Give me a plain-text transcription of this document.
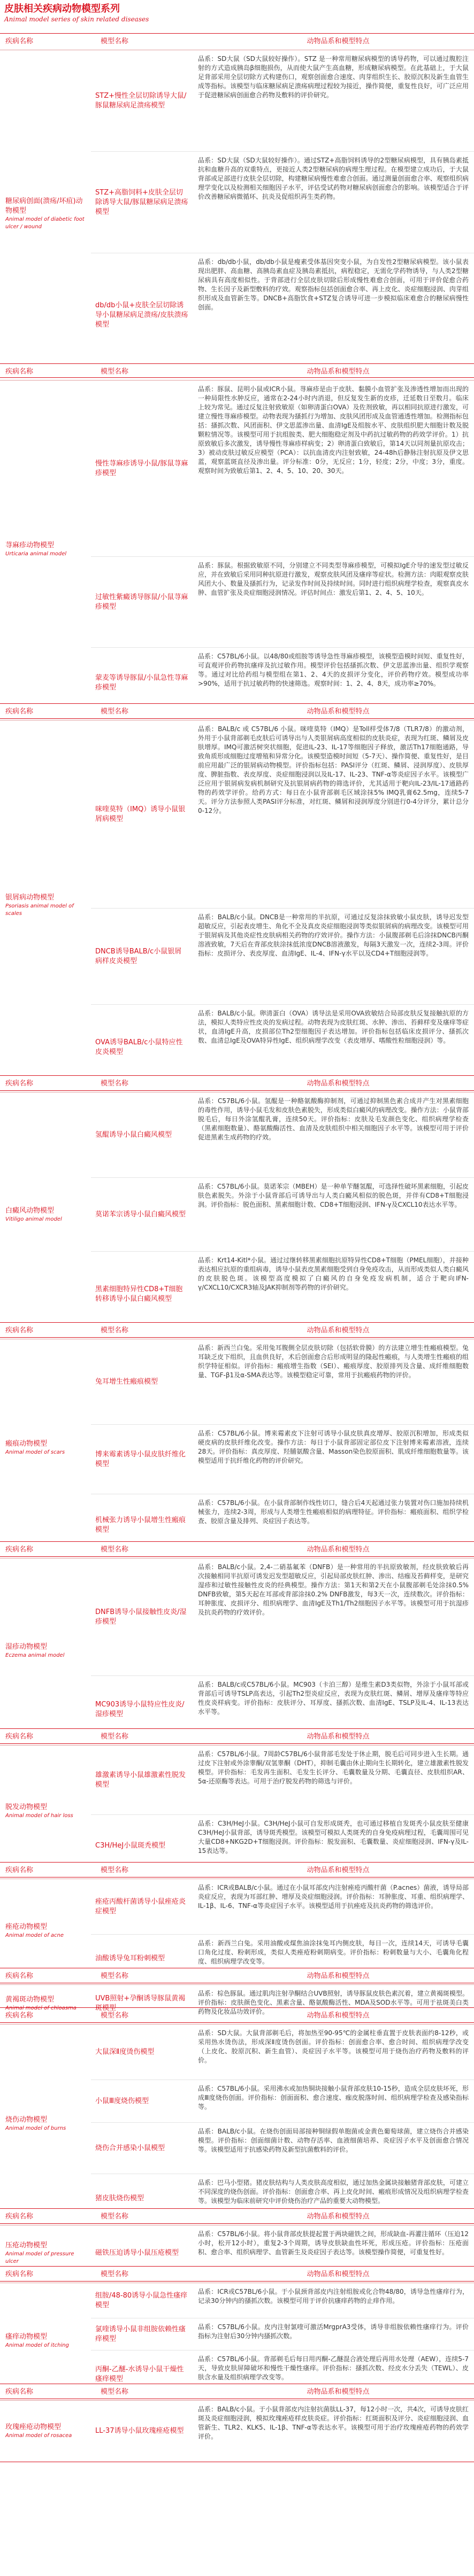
皮肤相关疾病动物模型系列
Animal model series of skin related diseases
疾病名称	模型名称	动物品系和模型特点
糖尿病创面(溃疡/坏疽)动物模型
Animal model of diabetic foot ulcer / wound
STZ+慢性全层切除诱导大鼠/豚鼠糖尿病足溃疡模型
品系：SD大鼠（SD大鼠较好操作）。STZ 是一种常用糖尿病模型的诱导药物，可以通过腹腔注射的方式造成胰岛β细胞损伤，从而使大鼠产生高血糖，形成糖尿病模型。在此基础上，于大鼠足背部采用全层切除方式构建伤口，观察创面愈合速度、肉芽组织生长、胶原沉积及新生血管生成等指标。该模型与临床糖尿病足溃疡病理过程较为接近，操作简便，重复性良好，可广泛应用于促进糖尿病创面愈合药物及敷料的评价研究。
STZ+高脂饲料+皮肤全层切除诱导大鼠/豚鼠糖尿病足溃疡模型
品系：SD大鼠（SD大鼠较好操作）。通过STZ+高脂饲料诱导的2型糖尿病模型，具有胰岛素抵抗和血糖升高的双重特点，更接近人类2型糖尿病的病理生理过程。在模型建立成功后，于大鼠背部或足部进行皮肤全层切除，构建糖尿病慢性难愈合创面。通过测量创面愈合率、观察组织病理学变化以及检测相关细胞因子水平，评估受试药物对糖尿病创面愈合的影响。该模型适合于评价改善糖尿病微循环、抗炎及促组织再生类药物。
db/db小鼠+皮肤全层切除诱导小鼠糖尿病足溃疡/皮肤溃疡模型
品系：db/db小鼠，db/db小鼠是瘦素受体基因突变小鼠，为自发性2型糖尿病模型。该小鼠表现出肥胖、高血糖、高胰岛素血症及胰岛素抵抗，病程稳定，无需化学药物诱导，与人类2型糖尿病具有高度相似性。于背部进行全层皮肤切除后形成慢性难愈合创面，可用于评价促愈合药物、生长因子及新型敷料的疗效。观察指标包括创面愈合率、再上皮化、炎症细胞浸润、肉芽组织形成及血管新生等。DNCB+高脂饮食+STZ复合诱导可进一步模拟临床难愈合的糖尿病慢性创面。
疾病名称	模型名称	动物品系和模型特点
荨麻疹动物模型
Urticaria animal model
慢性荨麻疹诱导小鼠/豚鼠荨麻疹模型
品系：豚鼠、昆明小鼠或ICR小鼠。荨麻疹是由于皮肤、黏膜小血管扩张及渗透性增加而出现的一种局限性水肿反应，通常在2-24小时内消退，但反复发生新的皮疹，迁延数日至数月。临床上较为常见。通过反复注射致敏原（如卵清蛋白OVA）及佐剂致敏，再以相同抗原进行激发，可建立慢性荨麻疹模型。动物表现为搔抓行为增加、皮肤风团形成及血管通透性增加。检测指标包括：搔抓次数、风团面积、伊文思蓝渗出量、血清IgE及组胺水平、皮肤组织肥大细胞计数及脱颗粒情况等。该模型可用于抗组胺类、肥大细胞稳定剂及中药抗过敏药物的药效学评价。1）抗原致敏后多次激发，诱导慢性荨麻疹样病变；2）卵清蛋白致敏后，第14天以同剂量抗原攻击；3）被动皮肤过敏反应模型（PCA）：以抗血清皮内注射致敏，24-48h后静脉注射抗原及伊文思蓝，观察蓝斑直径及渗出量。评分标准：0分，无反应；1分，轻度；2分，中度；3分，重度。观察时间为致敏后第1、2、4、5、10、20、30天。
过敏性紫癜诱导豚鼠/小鼠荨麻疹模型
品系：豚鼠。根据致敏原不同，分别建立不同类型荨麻疹模型，可模拟IgE介导的速发型过敏反应，并在致敏后采用同种抗原进行激发，观察皮肤风团及瘙痒等症状。检测方法：肉眼观察皮肤风团大小、数量及搔抓行为，记录发作时间及持续时间。同时进行组织病理学检查，观察真皮水肿、血管扩张及炎症细胞浸润情况。评估时间点：激发后第1、2、4、5、10天。
蒙麦等诱导豚鼠/小鼠急性荨麻疹模型
品系：C57BL/6小鼠。以48/80或组胺等诱导急性荨麻疹模型，该模型造模时间短、重复性好，可直观评价药物抗瘙痒及抗过敏作用。模型评价包括搔抓次数、伊文思蓝渗出量、组织学观察等。通过对比给药组与模型组在第1、2、4天的皮损评分变化，评价药物疗效。模型成功率>90%，适用于抗过敏药物的快速筛选。观察时间：1、2、4、8天，成功率≥70%。
疾病名称	模型名称	动物品系和模型特点
银屑病动物模型
Psoriasis animal model of scales
咪喹莫特（IMQ）诱导小鼠银屑病模型
品系：BALB/c 或 C57BL/6 小鼠。咪喹莫特（IMQ）是Toll样受体7/8（TLR7/8）的激动剂，外用于小鼠背部剃毛皮肤后可诱导出与人类银屑病高度相似的皮肤炎症，表现为红斑、鳞屑及皮肤增厚。IMQ可激活树突状细胞，促进IL-23、IL-17等细胞因子释放，激活Th17细胞通路，导致角质形成细胞过度增殖和异常分化。该模型造模时间短（5-7天）、操作简便、重复性好，是目前应用最广泛的银屑病动物模型。评价指标包括：PASI评分（红斑、鳞屑、浸润厚度）、皮肤厚度、脾脏指数、表皮厚度、炎症细胞浸润以及IL-17、IL-23、TNF-α等炎症因子水平。该模型广泛应用于银屑病发病机制研究及抗银屑病药物的筛选评价，尤其适用于靶向IL-23/IL-17通路药物的药效学评价。给药方式：每日在小鼠背部剃毛区域涂抹5% IMQ乳膏62.5mg，连续5-7天。评分方法参照人类PASI评分标准，对红斑、鳞屑和浸润厚度分别进行0-4分评分，累计总分0-12分。
DNCB诱导BALB/c小鼠银屑病样皮炎模型
品系：BALB/c小鼠。DNCB是一种常用的半抗原，可通过反复涂抹致敏小鼠皮肤，诱导迟发型超敏反应，引起表皮增生、角化不全及真皮炎症细胞浸润等类似银屑病的病理改变。该模型可用于银屑病及其他炎症性皮肤病相关药物的疗效评价。操作方法：小鼠腹部剃毛后涂抹DNCB丙酮溶液致敏，7天后在背部皮肤涂抹低浓度DNCB溶液激发，每隔3天激发一次，连续2-3周。评价指标：皮损评分、表皮厚度、血清IgE、IL-4、IFN-γ水平以及CD4+T细胞浸润等。
OVA诱导BALB/c小鼠特应性皮炎模型
品系：BALB/c小鼠。卵清蛋白（OVA）诱导法是采用OVA致敏结合局部皮肤反复接触抗原的方法，模拟人类特应性皮炎的发病过程。动物表现为皮肤红斑、水肿、渗出、苔藓样变及瘙痒等症状，血清IgE升高，皮损部位Th2型细胞因子表达增加。评价指标包括临床皮损评分、搔抓次数、血清总IgE及OVA特异性IgE、组织病理学改变（表皮增厚、嗜酸性粒细胞浸润）等。
疾病名称	模型名称	动物品系和模型特点
白癜风动物模型
Vitiligo animal model
氢醌诱导小鼠白癜风模型
品系：C57BL/6小鼠。氢醌是一种酪氨酸酶抑制剂，可通过抑制黑色素合成并产生对黑素细胞的毒性作用，诱导小鼠毛发和皮肤色素脱失，形成类似白癜风的病理改变。操作方法：小鼠背部脱毛后，每日外涂氢醌乳膏，连续50天。评价指标：皮肤及毛发颜色变化、组织病理学检查（黑素细胞数量）、酪氨酸酶活性、血清及皮肤组织中相关细胞因子水平等。该模型可用于评价促进黑素生成药物的疗效。
莫诺苯宗诱导小鼠白癜风模型
品系：C57BL/6小鼠。莫诺苯宗（MBEH）是一种单苄醚氢醌，可选择性破坏黑素细胞，引起皮肤色素脱失。外涂于小鼠背部后可诱导出与人类白癜风相似的脱色斑，并伴有CD8+T细胞浸润。评价指标：脱色面积、黑素细胞计数、CD8+T细胞浸润、IFN-γ及CXCL10表达水平等。
黑素细胞特异性CD8+T细胞转移诱导小鼠白癜风模型
品系：Krt14-Kitl*小鼠。通过过继转移黑素细胞抗原特异性CD8+T细胞（PMEL细胞），并接种表达相应抗原的重组病毒，诱导小鼠表皮黑素细胞受到自身免疫攻击，从而形成类似人类白癜风的皮肤脱色斑。该模型高度模拟了白癜风的自身免疫发病机制，适合于靶向IFN-γ/CXCL10/CXCR3轴及JAK抑制剂等药物的评价研究。
疾病名称	模型名称	动物品系和模型特点
瘢痕动物模型
Animal model of scars
兔耳增生性瘢痕模型
品系：新西兰白兔。采用兔耳腹侧全层皮肤切除（包括软骨膜）的方法建立增生性瘢痕模型。兔耳缺乏皮下组织，且血供良好，术后创面愈合后形成明显的隆起性瘢痕，与人类增生性瘢痕的组织学特征相似。评价指标：瘢痕增生指数（SEI）、瘢痕厚度、胶原排列及含量、成纤维细胞数量、TGF-β1及α-SMA表达等。该模型稳定可靠，常用于抗瘢痕药物的评价。
博来霉素诱导小鼠皮肤纤维化模型
品系：C57BL/6小鼠。博来霉素皮下注射可诱导小鼠皮肤真皮增厚、胶原沉积增加，形成类似硬皮病的皮肤纤维化改变。操作方法：每日于小鼠背部固定部位皮下注射博来霉素溶液，连续28天。评价指标：真皮厚度、羟脯氨酸含量、Masson染色胶原面积、肌成纤维细胞数量等。该模型适用于抗纤维化药物的评价研究。
机械张力诱导小鼠增生性瘢痕模型
品系：C57BL/6小鼠。在小鼠背部制作线性切口，缝合后4天起通过张力装置对伤口施加持续机械张力，连续2-3周，形成与人类增生性瘢痕相似的病理特征。评价指标：瘢痕面积、组织学检查、胶原含量及排列、炎症因子表达等。
疾病名称	模型名称	动物品系和模型特点
湿疹动物模型
Eczema animal model
DNFB诱导小鼠接触性皮炎/湿疹模型
品系：BALB/c小鼠。2,4-二硝基氟苯（DNFB）是一种常用的半抗原致敏剂，经皮肤致敏后再次接触相同半抗原可诱发迟发型超敏反应，引起局部皮肤红肿、渗出、结痂及苔藓样变，是研究湿疹和过敏性接触性皮炎的经典模型。操作方法：第1天和第2天在小鼠腹部剃毛处涂抹0.5% DNFB致敏，第5天起在耳部或背部涂抹0.2% DNFB激发，每3天一次，连续数次。评价指标：耳肿胀度、皮损评分、组织病理学、血清IgE及Th1/Th2细胞因子水平等。该模型可用于抗湿疹及抗炎药物的疗效评价。
MC903诱导小鼠特应性皮炎/湿疹模型
品系：BALB/c或C57BL/6小鼠。MC903（卡泊三醇）是维生素D3类似物，外涂于小鼠耳部或背部后可诱导TSLP高表达，引起Th2型炎症反应，表现为皮肤红斑、鳞屑、增厚及瘙痒等特应性皮炎样病变。评价指标：皮肤评分、耳厚度、搔抓次数、血清IgE、TSLP及IL-4、IL-13表达水平等。
疾病名称	模型名称	动物品系和模型特点
脱发动物模型
Animal model of hair loss
雄激素诱导小鼠雄激素性脱发模型
品系：C57BL/6小鼠。7周龄C57BL/6小鼠背部毛发处于休止期，脱毛后可同步进入生长期。通过皮下注射或外涂睾酮/双氢睾酮（DHT），抑制毛囊由休止期向生长期转化，建立雄激素性脱发模型。评价指标：毛发再生面积、毛发生长评分、毛囊数量及分期、毛囊直径、皮肤组织AR、5α-还原酶等表达。可用于治疗脱发药物的筛选与评价。
C3H/HeJ小鼠斑秃模型
品系：C3H/HeJ小鼠。C3H/HeJ小鼠可自发形成斑秃，也可通过移植自发斑秃小鼠皮肤至健康C3H/HeJ小鼠背部，诱导斑秃模型。该模型可模拟人类斑秃的自身免疫病理过程，毛囊周围可见大量CD8+NKG2D+T细胞浸润。评价指标：脱发面积、毛囊数量、炎症细胞浸润、IFN-γ及IL-15表达等。
疾病名称	模型名称	动物品系和模型特点
痤疮动物模型
Animal model of acne
痤疮丙酸杆菌诱导小鼠痤疮炎症模型
品系：ICR或BALB/c小鼠。通过在小鼠耳部皮内注射痤疮丙酸杆菌（P.acnes）菌液，诱导局部炎症反应，表现为耳部红肿、增厚及炎症细胞浸润。评价指标：耳肿胀度、耳重、组织病理学、IL-1β、IL-6、TNF-α等炎症因子水平。该模型适用于抗痤疮及抗炎药物的筛选评价。
油酸诱导兔耳粉刺模型
品系：新西兰白兔。采用油酸或煤焦油涂抹兔耳内侧皮肤，每日一次，连续14天，可诱导毛囊口角化过度、粉刺形成，类似人类痤疮粉刺期病变。评价指标：粉刺数量与大小、毛囊角化程度、组织病理学改变等。
疾病名称	模型名称	动物品系和模型特点
黄褐斑动物模型
Animal model of chloasma
UVB照射+孕酮诱导豚鼠黄褐斑模型
品系：棕色豚鼠。通过肌肉注射孕酮结合UVB照射，诱导豚鼠皮肤色素沉着，建立黄褐斑模型。评价指标：皮肤颜色变化、黑素含量、酪氨酸酶活性、MDA及SOD水平等。可用于祛斑美白类药物及化妆品功效评价。
疾病名称	模型名称	动物品系和模型特点
烧伤动物模型
Animal model of burns
大鼠深Ⅱ度烫伤模型
品系：SD大鼠。大鼠背部剃毛后，将加热至90-95℃的金属柱垂直置于皮肤表面约8-12秒，或采用热水烫伤法，形成深Ⅱ度烫伤创面。评价指标：创面愈合率、愈合时间、组织病理学改变（上皮化、胶原沉积、新生血管）、炎症因子水平等。该模型可用于烧伤治疗药物及敷料的评价。
小鼠Ⅲ度烧伤模型
品系：C57BL/6小鼠。采用沸水或加热铜块接触小鼠背部皮肤10-15秒，造成全层皮肤坏死，形成Ⅲ度烧伤创面。评价指标：创面面积、愈合速度、痂皮脱落时间、组织病理学检查及感染指标等。
烧伤合并感染小鼠模型
品系：BALB/c小鼠。在烧伤创面局部接种铜绿假单胞菌或金黄色葡萄球菌，建立烧伤合并感染模型。评价指标：创面细菌计数、动物存活率、血液细菌培养、炎症因子水平及创面愈合情况等。该模型适用于抗感染药物及新型抗菌敷料的评价。
猪皮肤烧伤模型
品系：巴马小型猪。猪皮肤结构与人类皮肤高度相似，通过加热金属块接触猪背部皮肤，可建立不同深度的烧伤创面。评价指标：创面愈合率、再上皮化时间、瘢痕形成情况及组织病理学检查等。该模型为临床前研究中评价烧伤治疗产品的重要大动物模型。
疾病名称	模型名称	动物品系和模型特点
压疮动物模型
Animal model of pressure ulcer
磁铁压迫诱导小鼠压疮模型
品系：C57BL/6小鼠。将小鼠背部皮肤提起置于两块磁铁之间，形成缺血-再灌注循环（压迫12小时，松开12小时），重复2-3个周期，诱导皮肤缺血性坏死，形成压疮。评价指标：压疮面积、愈合率、组织病理学、血管新生及炎症因子表达等。该模型操作简便，可重复性好。
疾病名称	模型名称	动物品系和模型特点
瘙痒动物模型
Animal model of itching
组胺/48-80诱导小鼠急性瘙痒模型
品系：ICR或C57BL/6小鼠。于小鼠颈背部皮内注射组胺或化合物48/80，诱导急性瘙痒行为，记录30分钟内的搔抓次数。该模型可用于评价抗瘙痒药物的止痒作用。
氯喹诱导小鼠非组胺依赖性瘙痒模型
品系：C57BL/6小鼠。皮内注射氯喹可激活MrgprA3受体，诱导非组胺依赖性瘙痒行为。评价指标为注射后30分钟内搔抓次数。
丙酮-乙醚-水诱导小鼠干燥性瘙痒模型
品系：C57BL/6小鼠。背部剃毛后每日用丙酮-乙醚混合液处理后再用水处理（AEW），连续5-7天，导致皮肤屏障破坏和慢性干燥性瘙痒。评价指标：搔抓次数、经皮水分丢失（TEWL）、皮肤含水量及组织病理学改变等。
疾病名称	模型名称	动物品系和模型特点
玫瑰痤疮动物模型
Animal model of rosacea
LL-37诱导小鼠玫瑰痤疮模型
品系：BALB/c小鼠。于小鼠背部皮内注射抗菌肽LL-37，每12小时一次，共4次，可诱导皮肤红斑及炎症细胞浸润，模拟玫瑰痤疮样皮肤炎症。评价指标：红斑面积及评分、炎症细胞浸润、血管新生、TLR2、KLK5、IL-1β、TNF-α等表达水平。该模型可用于治疗玫瑰痤疮药物的药效学评价。
